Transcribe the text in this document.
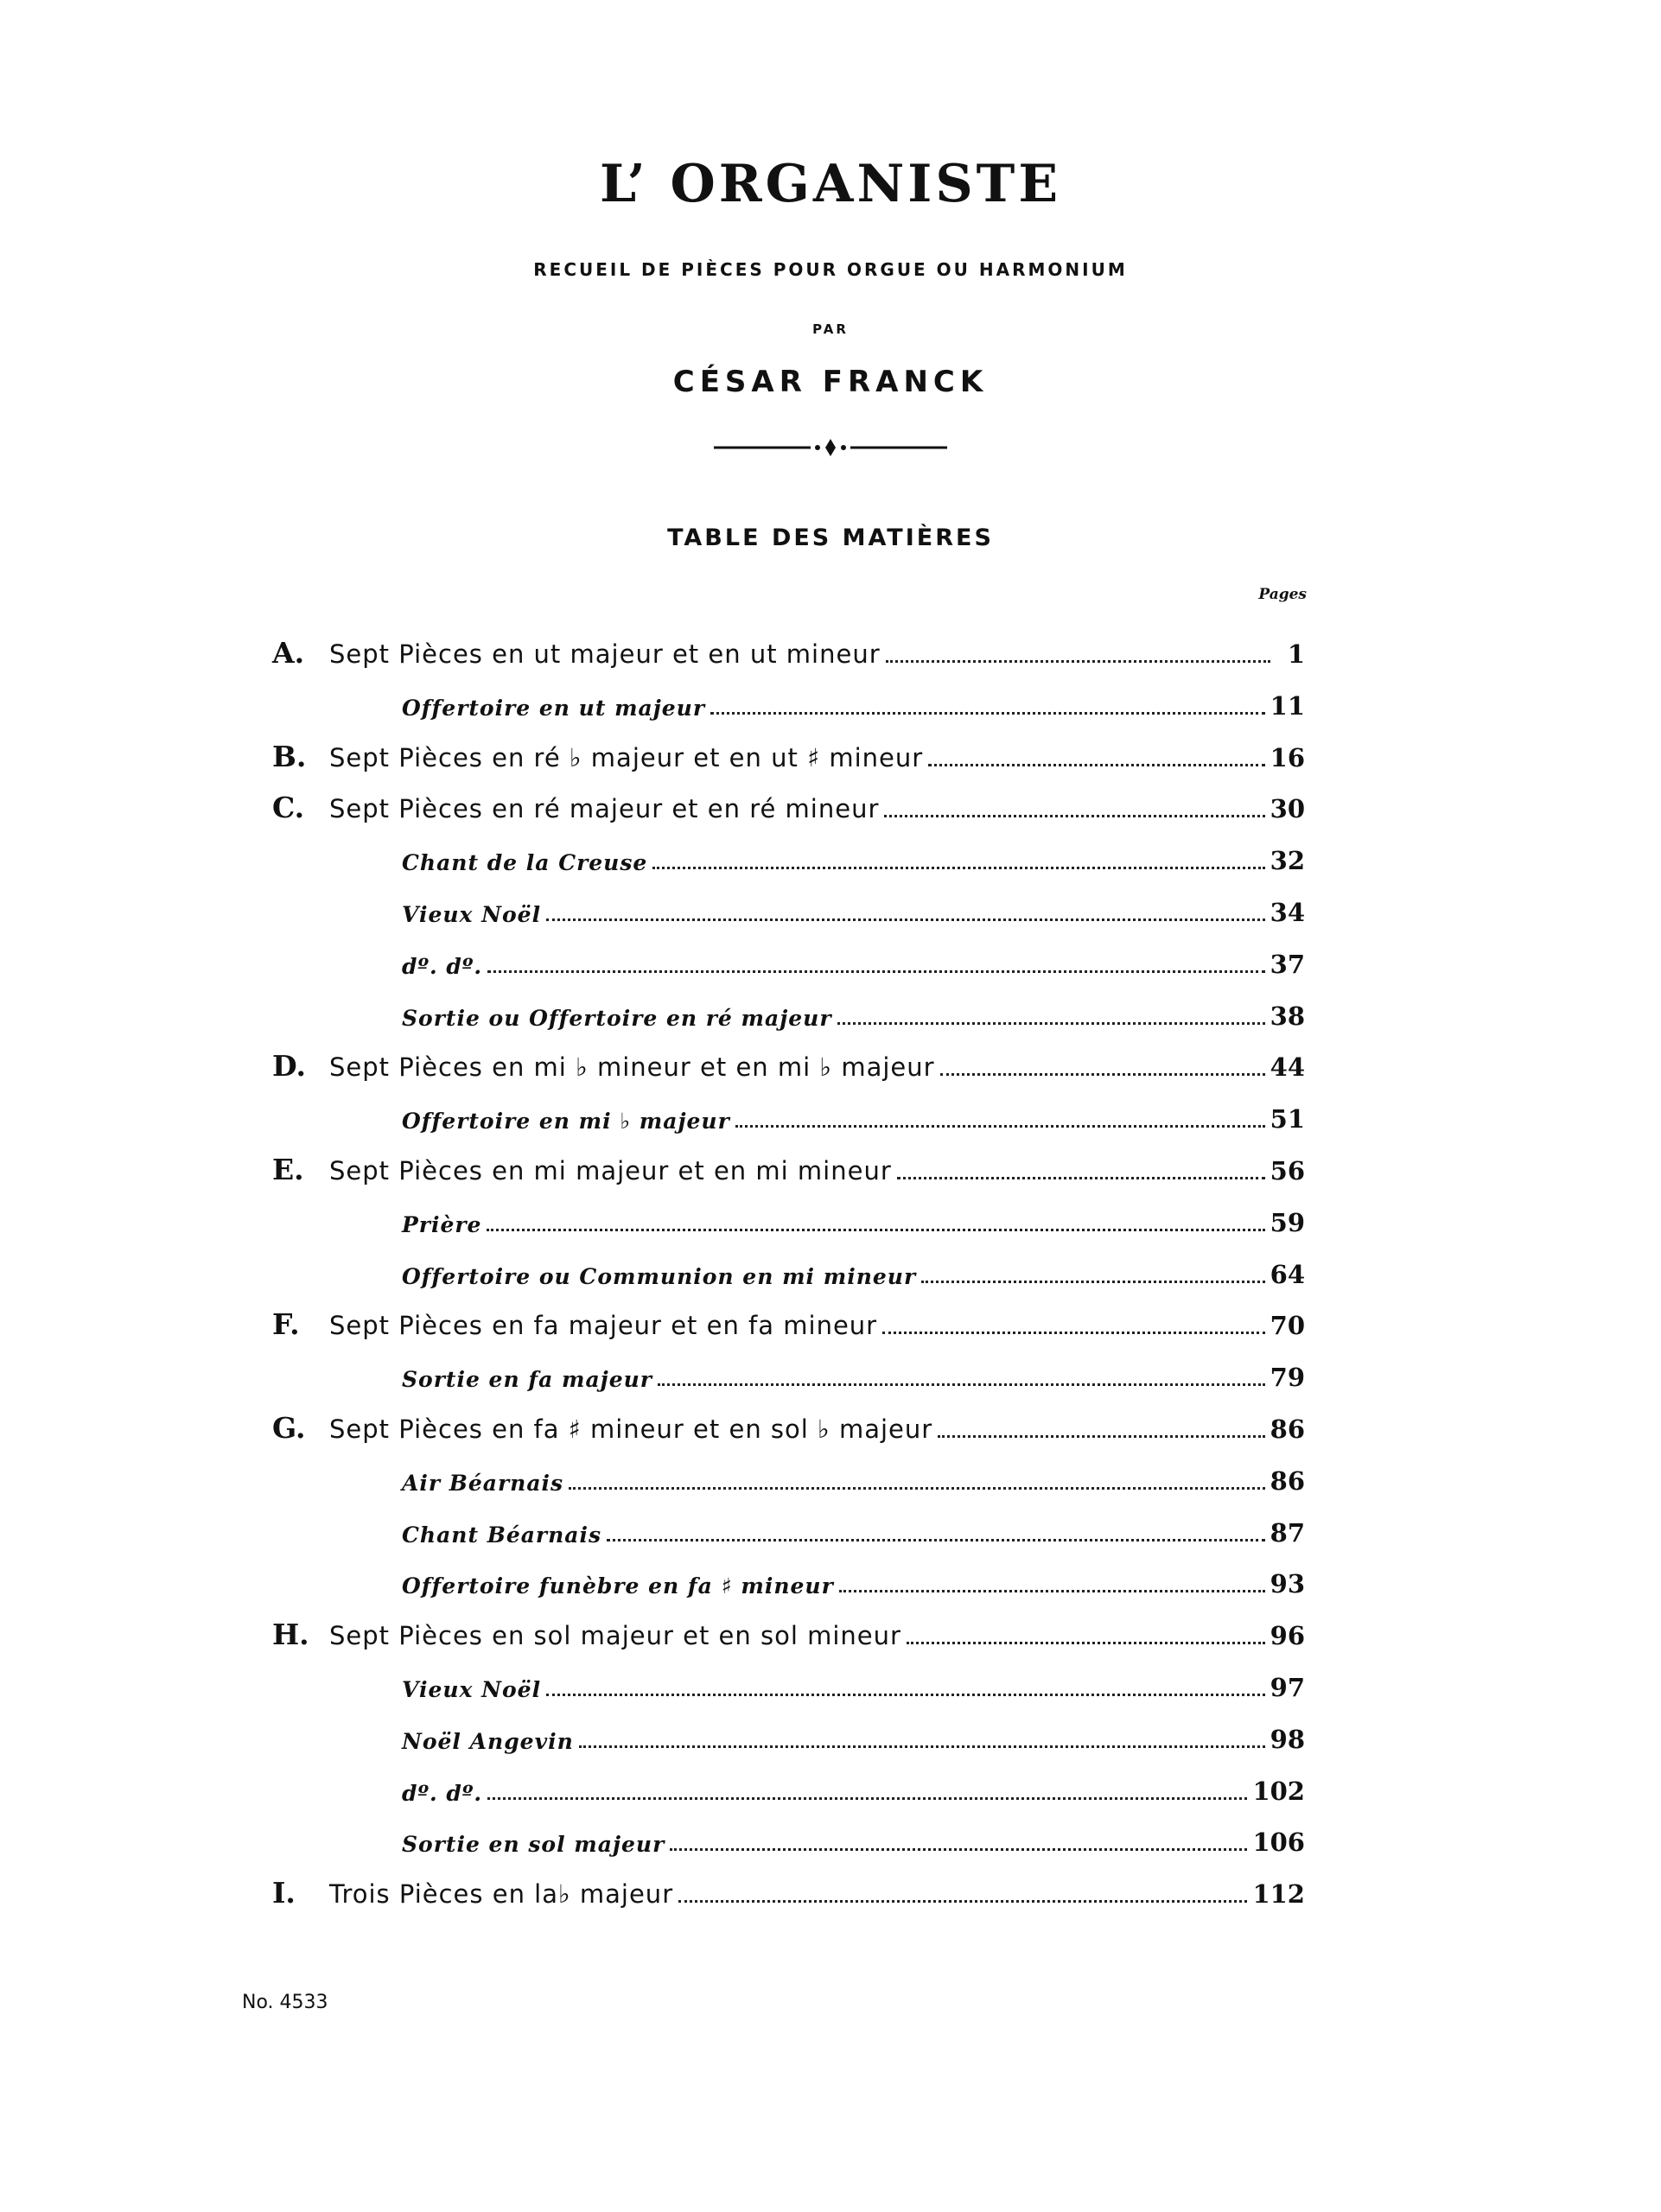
L’ ORGANISTE
RECUEIL DE PIÈCES POUR ORGUE OU HARMONIUM
PAR
CÉSAR FRANCK
TABLE DES MATIÈRES
Pages
A. Sept Pièces en ut majeur et en ut mineur	1
Offertoire en ut majeur	11
B. Sept Pièces en ré ♭ majeur et en ut ♯ mineur	16
C. Sept Pièces en ré majeur et en ré mineur	30
Chant de la Creuse	32
Vieux Noël	34
dº. dº.	37
Sortie ou Offertoire en ré majeur	38
D. Sept Pièces en mi ♭ mineur et en mi ♭ majeur	44
Offertoire en mi ♭ majeur	51
E.	Sept Pièces en mi majeur et en mi mineur	56
Prière	59
Offertoire ou Communion en mi mineur	64
F.	Sept Pièces en fa majeur et en fa mineur	70
Sortie en fa majeur	79
G. Sept Pièces en fa ♯ mineur et en sol ♭ majeur	86
Air Béarnais	86
Chant Béarnais	87
Offertoire funèbre en fa ♯ mineur	93
H. Sept Pièces en sol majeur et en sol mineur	96
Vieux Noël	97
Noël Angevin	98
dº. dº.	102
Sortie en sol majeur	106
I.	Trois Pièces en la♭ majeur	112
No. 4533
